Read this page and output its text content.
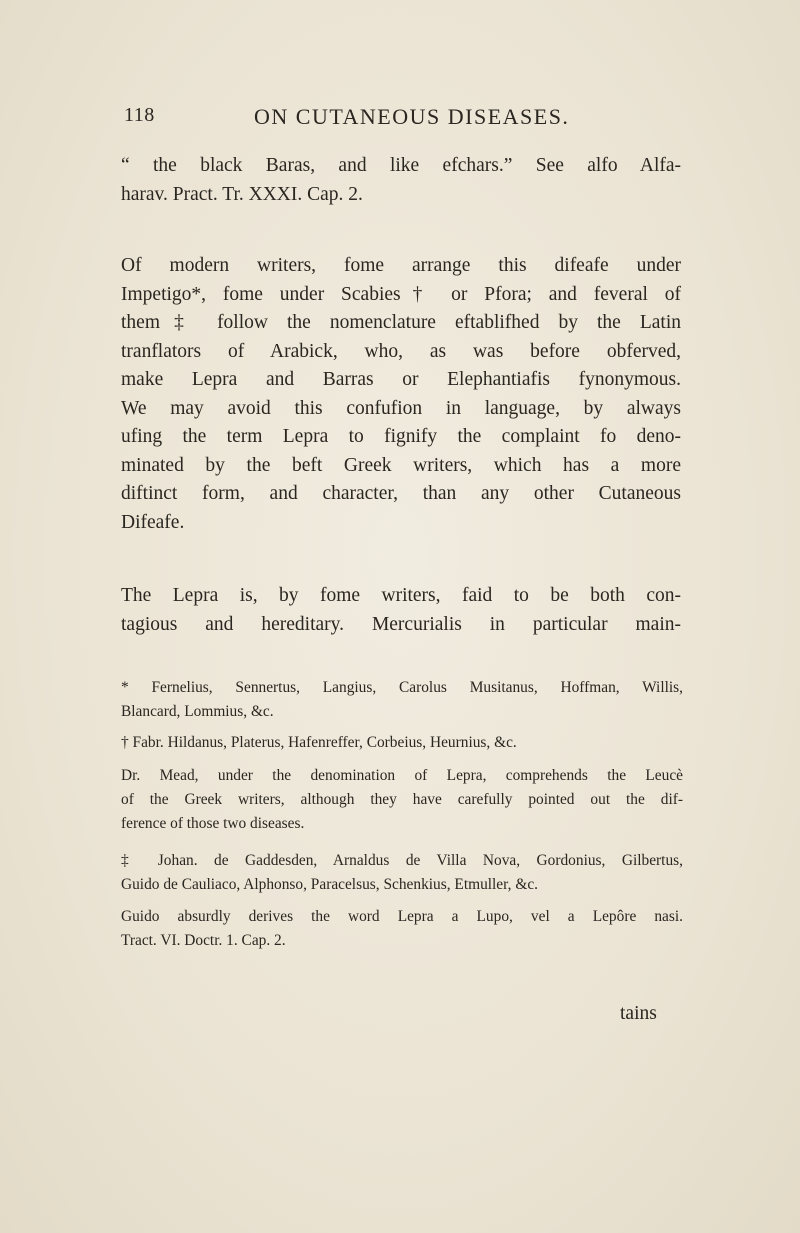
118	ON CUTANEOUS DISEASES.
“ the black Baras, and like efchars.” See alfo Alfa-
harav. Pract. Tr. XXXI. Cap. 2.
Of modern writers, fome arrange this difeafe under
Impetigo*, fome under Scabies† or Pfora; and feveral of
them‡ follow the nomenclature eftablifhed by the Latin
tranflators of Arabick, who, as was before obferved,
make Lepra and Barras or Elephantiafis fynonymous.
We may avoid this confufion in language, by always
ufing the term Lepra to fignify the complaint fo deno-
minated by the beft Greek writers, which has a more
diftinct form, and character, than any other Cutaneous
Difeafe.
The Lepra is, by fome writers, faid to be both con-
tagious and hereditary. Mercurialis in particular main-
* Fernelius, Sennertus, Langius, Carolus Musitanus, Hoffman, Willis,
Blancard, Lommius, &c.
† Fabr. Hildanus, Platerus, Hafenreffer, Corbeius, Heurnius, &c.
Dr. Mead, under the denomination of Lepra, comprehends the Leucè
of the Greek writers, although they have carefully pointed out the dif-
ference of those two diseases.
‡ Johan. de Gaddesden, Arnaldus de Villa Nova, Gordonius, Gilbertus,
Guido de Cauliaco, Alphonso, Paracelsus, Schenkius, Etmuller, &c.
Guido absurdly derives the word Lepra a Lupo, vel a Lepôre nasi.
Tract. VI. Doctr. 1. Cap. 2.
tains
